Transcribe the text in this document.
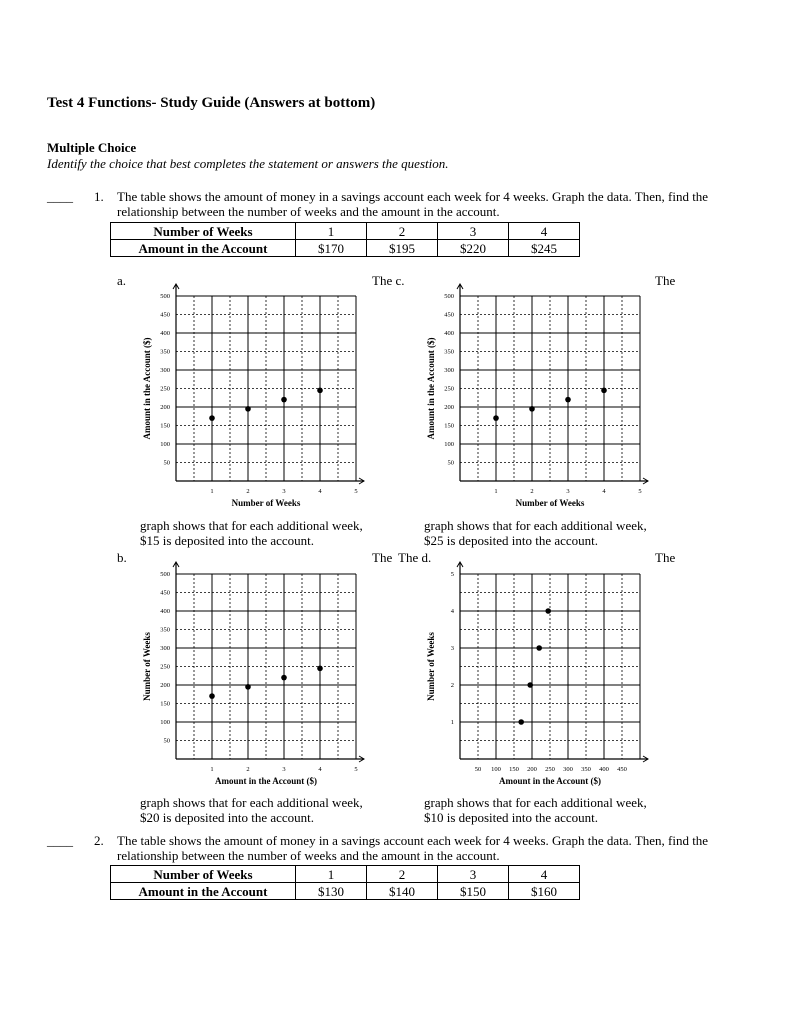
Test 4 Functions- Study Guide (Answers at bottom)
Multiple Choice
Identify the choice that best completes the statement or answers the question.
____ 1. The table shows the amount of money in a savings account each week for 4 weeks. Graph the data. Then, find the relationship between the number of weeks and the amount in the account.
Number of Weeks	1	2	3	4
Amount in the Account	$170	$195	$220	$245
a.	The c.	The
1	2	3	4	5
50
100
150
200
250
300
350
400
450
500
Number of Weeks
Amount in the Account ($)
1	2	3	4	5
50
100
150
200
250
300
350
400
450
500
Number of Weeks
Amount in the Account ($)
graph shows that for each additional week,
$15 is deposited into the account.
graph shows that for each additional week,
$25 is deposited into the account.
b.	The The d.	The
1	2	3	4	5
50
100
150
200
250
300
350
400
450
500
Amount in the Account ($)
Number of Weeks
50 100 150 200 250 300 350 400 450
1
2
3
4
5
Amount in the Account ($)
Number of Weeks
graph shows that for each additional week,
$20 is deposited into the account.
graph shows that for each additional week,
$10 is deposited into the account.
____ 2. The table shows the amount of money in a savings account each week for 4 weeks. Graph the data. Then, find the relationship between the number of weeks and the amount in the account.
Number of Weeks	1	2	3	4
Amount in the Account	$130	$140	$150	$160
